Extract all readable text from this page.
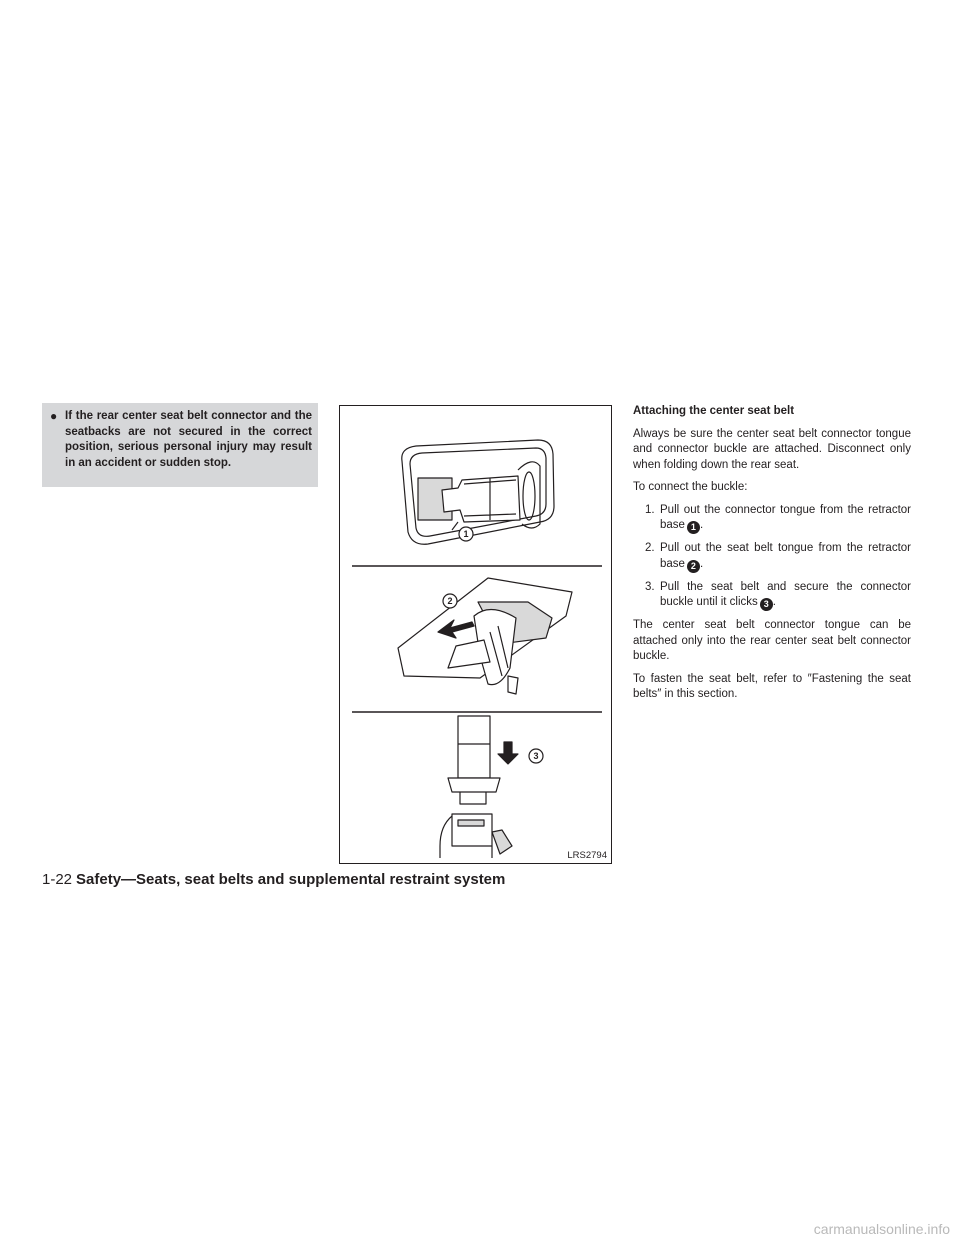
● If the rear center seat belt connector and the seatbacks are not secured in the correct position, serious personal injury may result in an accident or sudden stop.
1
2
3
LRS2794
Attaching the center seat belt

Always be sure the center seat belt connector tongue and connector buckle are attached. Disconnect only when folding down the rear seat.

To connect the buckle:

1. Pull out the connector tongue from the retractor base 1 .
2. Pull out the seat belt tongue from the retractor base 2 .
3. Pull the seat belt and secure the connector buckle until it clicks 3 .

The center seat belt connector tongue can be attached only into the rear center seat belt connector buckle.

To fasten the seat belt, refer to ″Fastening the seat belts″ in this section.

1-22 Safety—Seats, seat belts and supplemental restraint system
carmanualsonline.info
